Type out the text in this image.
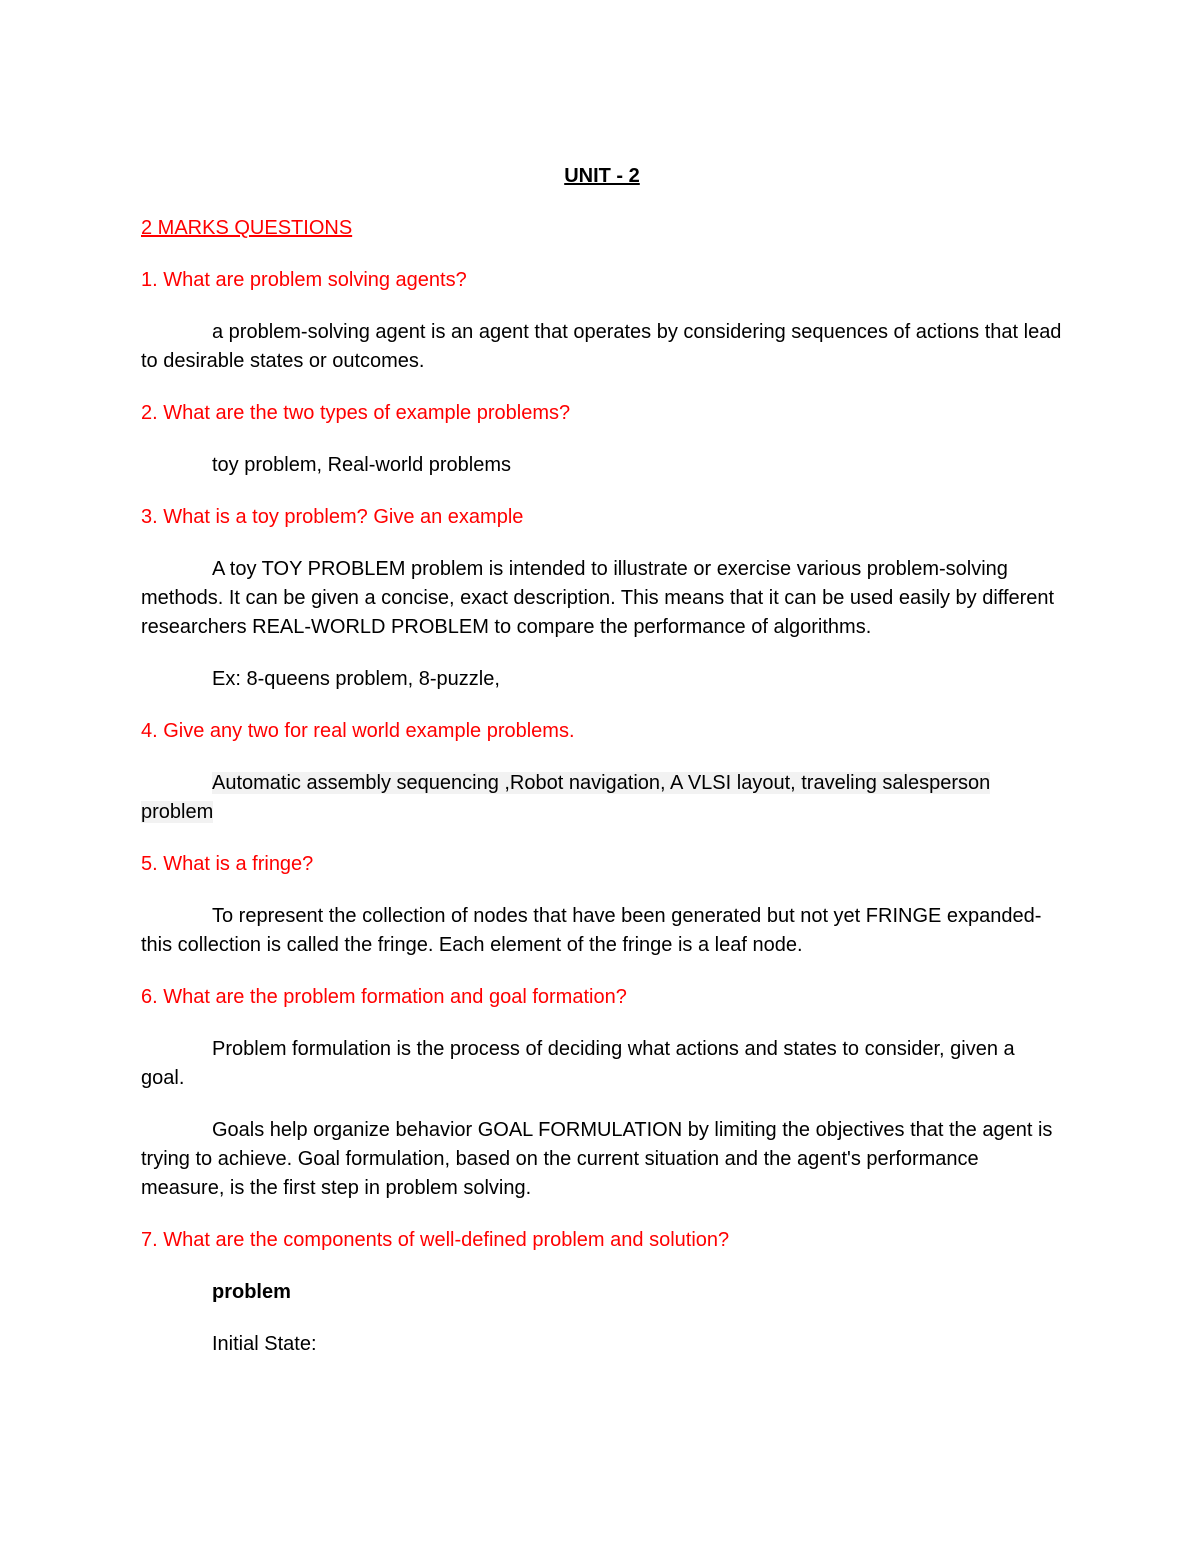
UNIT - 2

2 MARKS QUESTIONS

1. What are problem solving agents?

a problem-solving agent is an agent that operates by considering sequences of actions that lead to desirable states or outcomes.

2. What are the two types of example problems?

toy problem, Real-world problems

3. What is a toy problem? Give an example

A toy TOY PROBLEM problem is intended to illustrate or exercise various problem-solving methods. It can be given a concise, exact description. This means that it can be used easily by different researchers REAL-WORLD PROBLEM to compare the performance of algorithms.

Ex: 8-queens problem, 8-puzzle,

4. Give any two for real world example problems.

Automatic assembly sequencing ,Robot navigation, A VLSI layout, traveling salesperson problem

5. What is a fringe?

To represent the collection of nodes that have been generated but not yet FRINGE expanded-this collection is called the fringe. Each element of the fringe is a leaf node.

6. What are the problem formation and goal formation?

Problem formulation is the process of deciding what actions and states to consider, given a   goal.

Goals help organize behavior GOAL FORMULATION by limiting the objectives that the agent is trying to achieve. Goal formulation, based on the current situation and the agent's performance measure, is the first step in problem solving.

7. What are the components of well-defined problem and solution?

problem

Initial State:
